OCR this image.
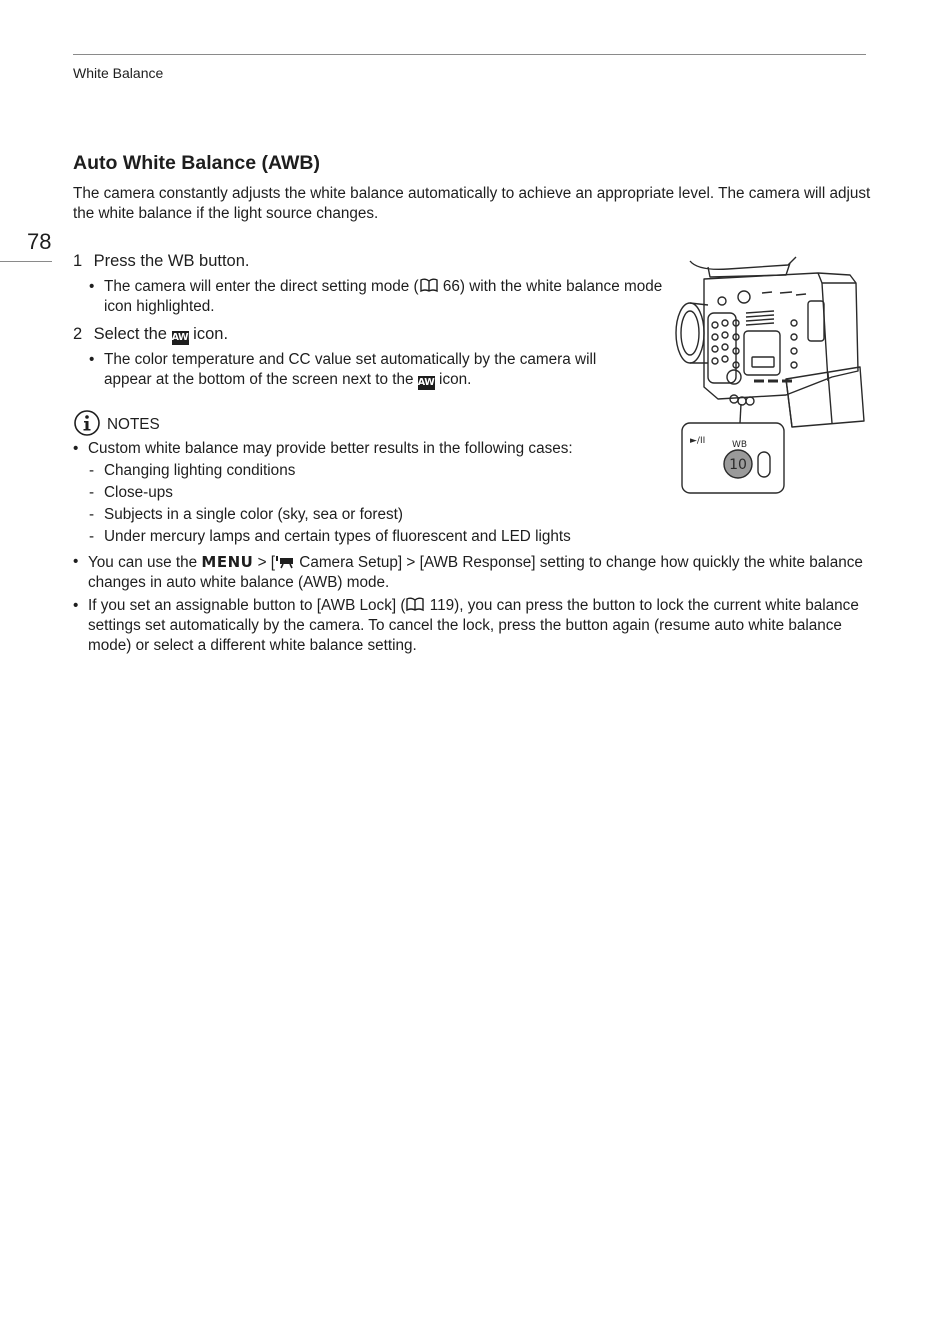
White Balance
78
Auto White Balance (AWB)
The camera constantly adjusts the white balance automatically to achieve an appropriate level. The camera will adjust the white balance if the light source changes.
1 Press the WB button.
• The camera will enter the direct setting mode ( 66) with the white balance mode icon highlighted.
2 Select the AWB icon.
• The color temperature and CC value set automatically by the camera will appear at the bottom of the screen next to the AWB icon.
NOTES
• Custom white balance may provide better results in the following cases:
- Changing lighting conditions
- Close-ups
- Subjects in a single color (sky, sea or forest)
- Under mercury lamps and certain types of fluorescent and LED lights
• You can use the MENU > [ Camera Setup] > [AWB Response] setting to change how quickly the white balance changes in auto white balance (AWB) mode.
• If you set an assignable button to [AWB Lock] ( 119), you can press the button to lock the current white balance settings set automatically by the camera. To cancel the lock, press the button again (resume auto white balance mode) or select a different white balance setting.
►/II	WB
10
